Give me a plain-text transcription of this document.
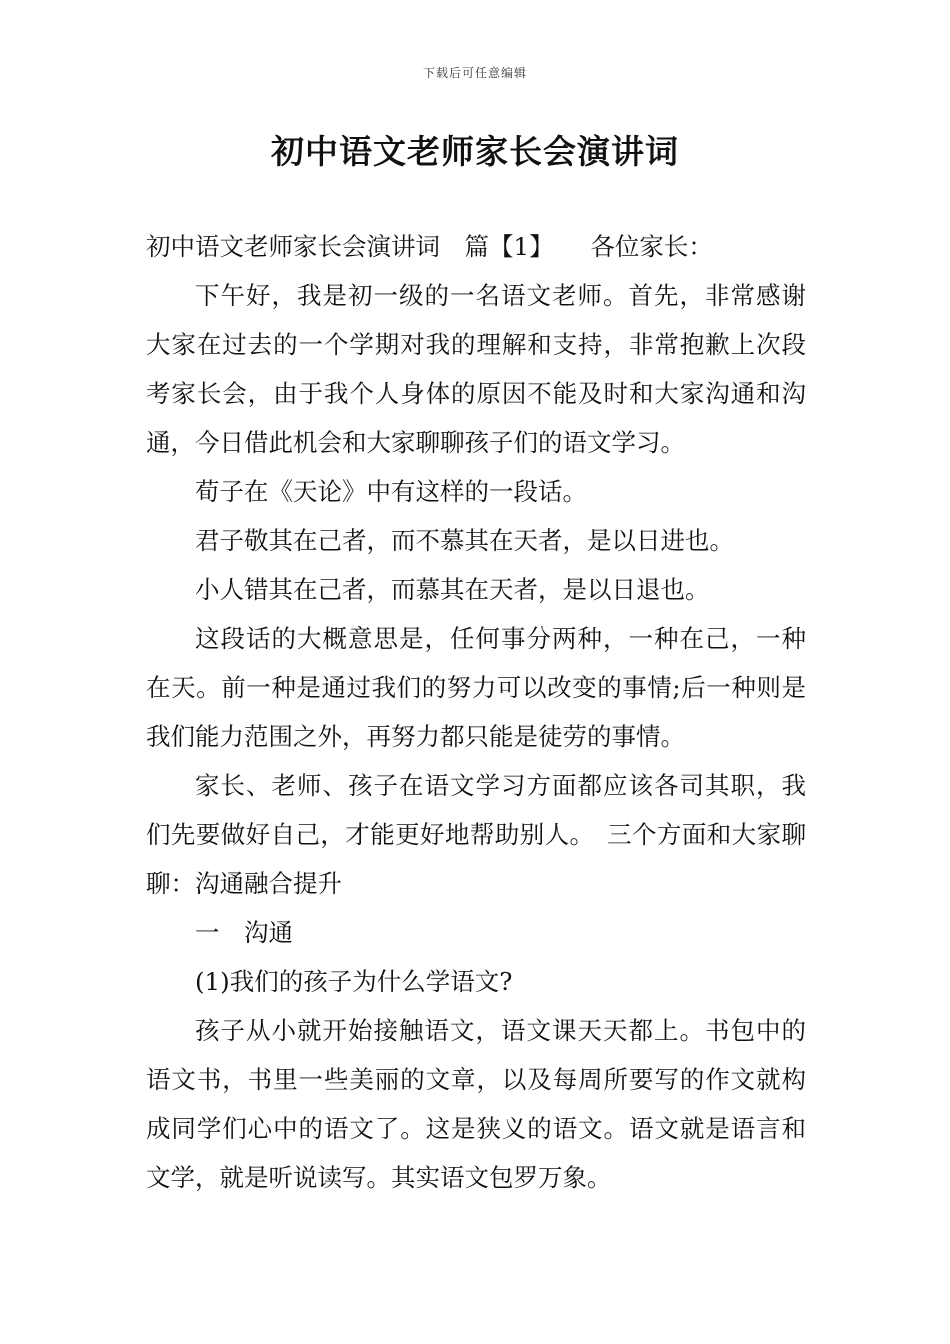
下载后可任意编辑
初中语文老师家长会演讲词

初中语文老师家长会演讲词　篇【1】　　各位家长：

下午好，我是初一级的一名语文老师。首先，非常感谢大家在过去的一个学期对我的理解和支持，非常抱歉上次段考家长会，由于我个人身体的原因不能及时和大家沟通和沟通，今日借此机会和大家聊聊孩子们的语文学习。

荀子在《天论》中有这样的一段话。

君子敬其在己者，而不慕其在天者，是以日进也。

小人错其在己者，而慕其在天者，是以日退也。

这段话的大概意思是，任何事分两种，一种在己，一种在天。前一种是通过我们的努力可以改变的事情;后一种则是我们能力范围之外，再努力都只能是徒劳的事情。

家长、老师、孩子在语文学习方面都应该各司其职，我们先要做好自己，才能更好地帮助别人。　三个方面和大家聊聊：沟通融合提升

一　沟通

(1)我们的孩子为什么学语文?

孩子从小就开始接触语文，语文课天天都上。书包中的语文书，书里一些美丽的文章，以及每周所要写的作文就构成同学们心中的语文了。这是狭义的语文。语文就是语言和文学，就是听说读写。其实语文包罗万象。
